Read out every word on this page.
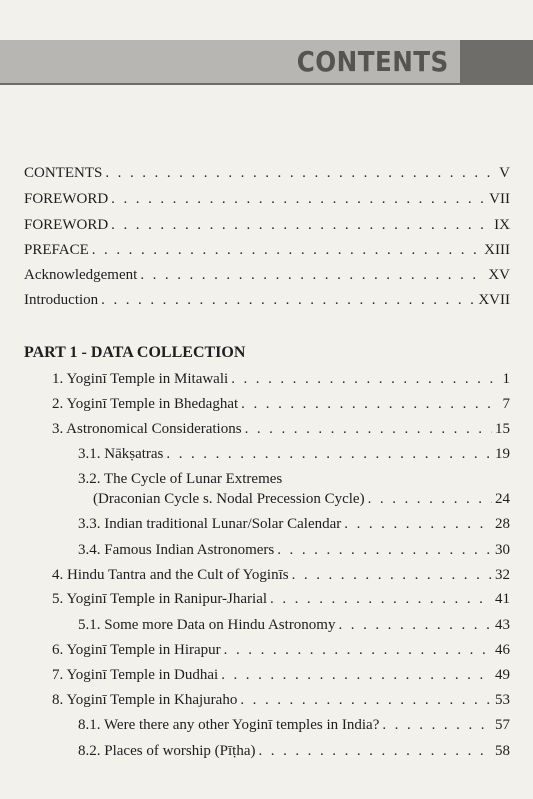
CONTENTS
CONTENTS . . .	V
FOREWORD . . .	VII
FOREWORD . . .	IX
PREFACE . . .	XIII
Acknowledgement . . .	XV
Introduction . . .	XVII
PART 1 - DATA COLLECTION
1. Yoginī Temple in Mitawali . . .	1
2. Yoginī Temple in Bhedaghat . . .	7
3. Astronomical Considerations . . .	15
3.1. Nākṣatras . . .	19
3.2. The Cycle of Lunar Extremes
(Draconian Cycle s. Nodal Precession Cycle) . . .	24
3.3. Indian traditional Lunar/Solar Calendar . . .	28
3.4. Famous Indian Astronomers . . .	30
4. Hindu Tantra and the Cult of Yoginīs . . .	32
5. Yoginī Temple in Ranipur-Jharial . . .	41
5.1. Some more Data on Hindu Astronomy . . .	43
6. Yoginī Temple in Hirapur . . .	46
7. Yoginī Temple in Dudhai . . .	49
8. Yoginī Temple in Khajuraho . . .	53
8.1. Were there any other Yoginī temples in India? . . .	57
8.2. Places of worship (Pīṭha) . . .	58
